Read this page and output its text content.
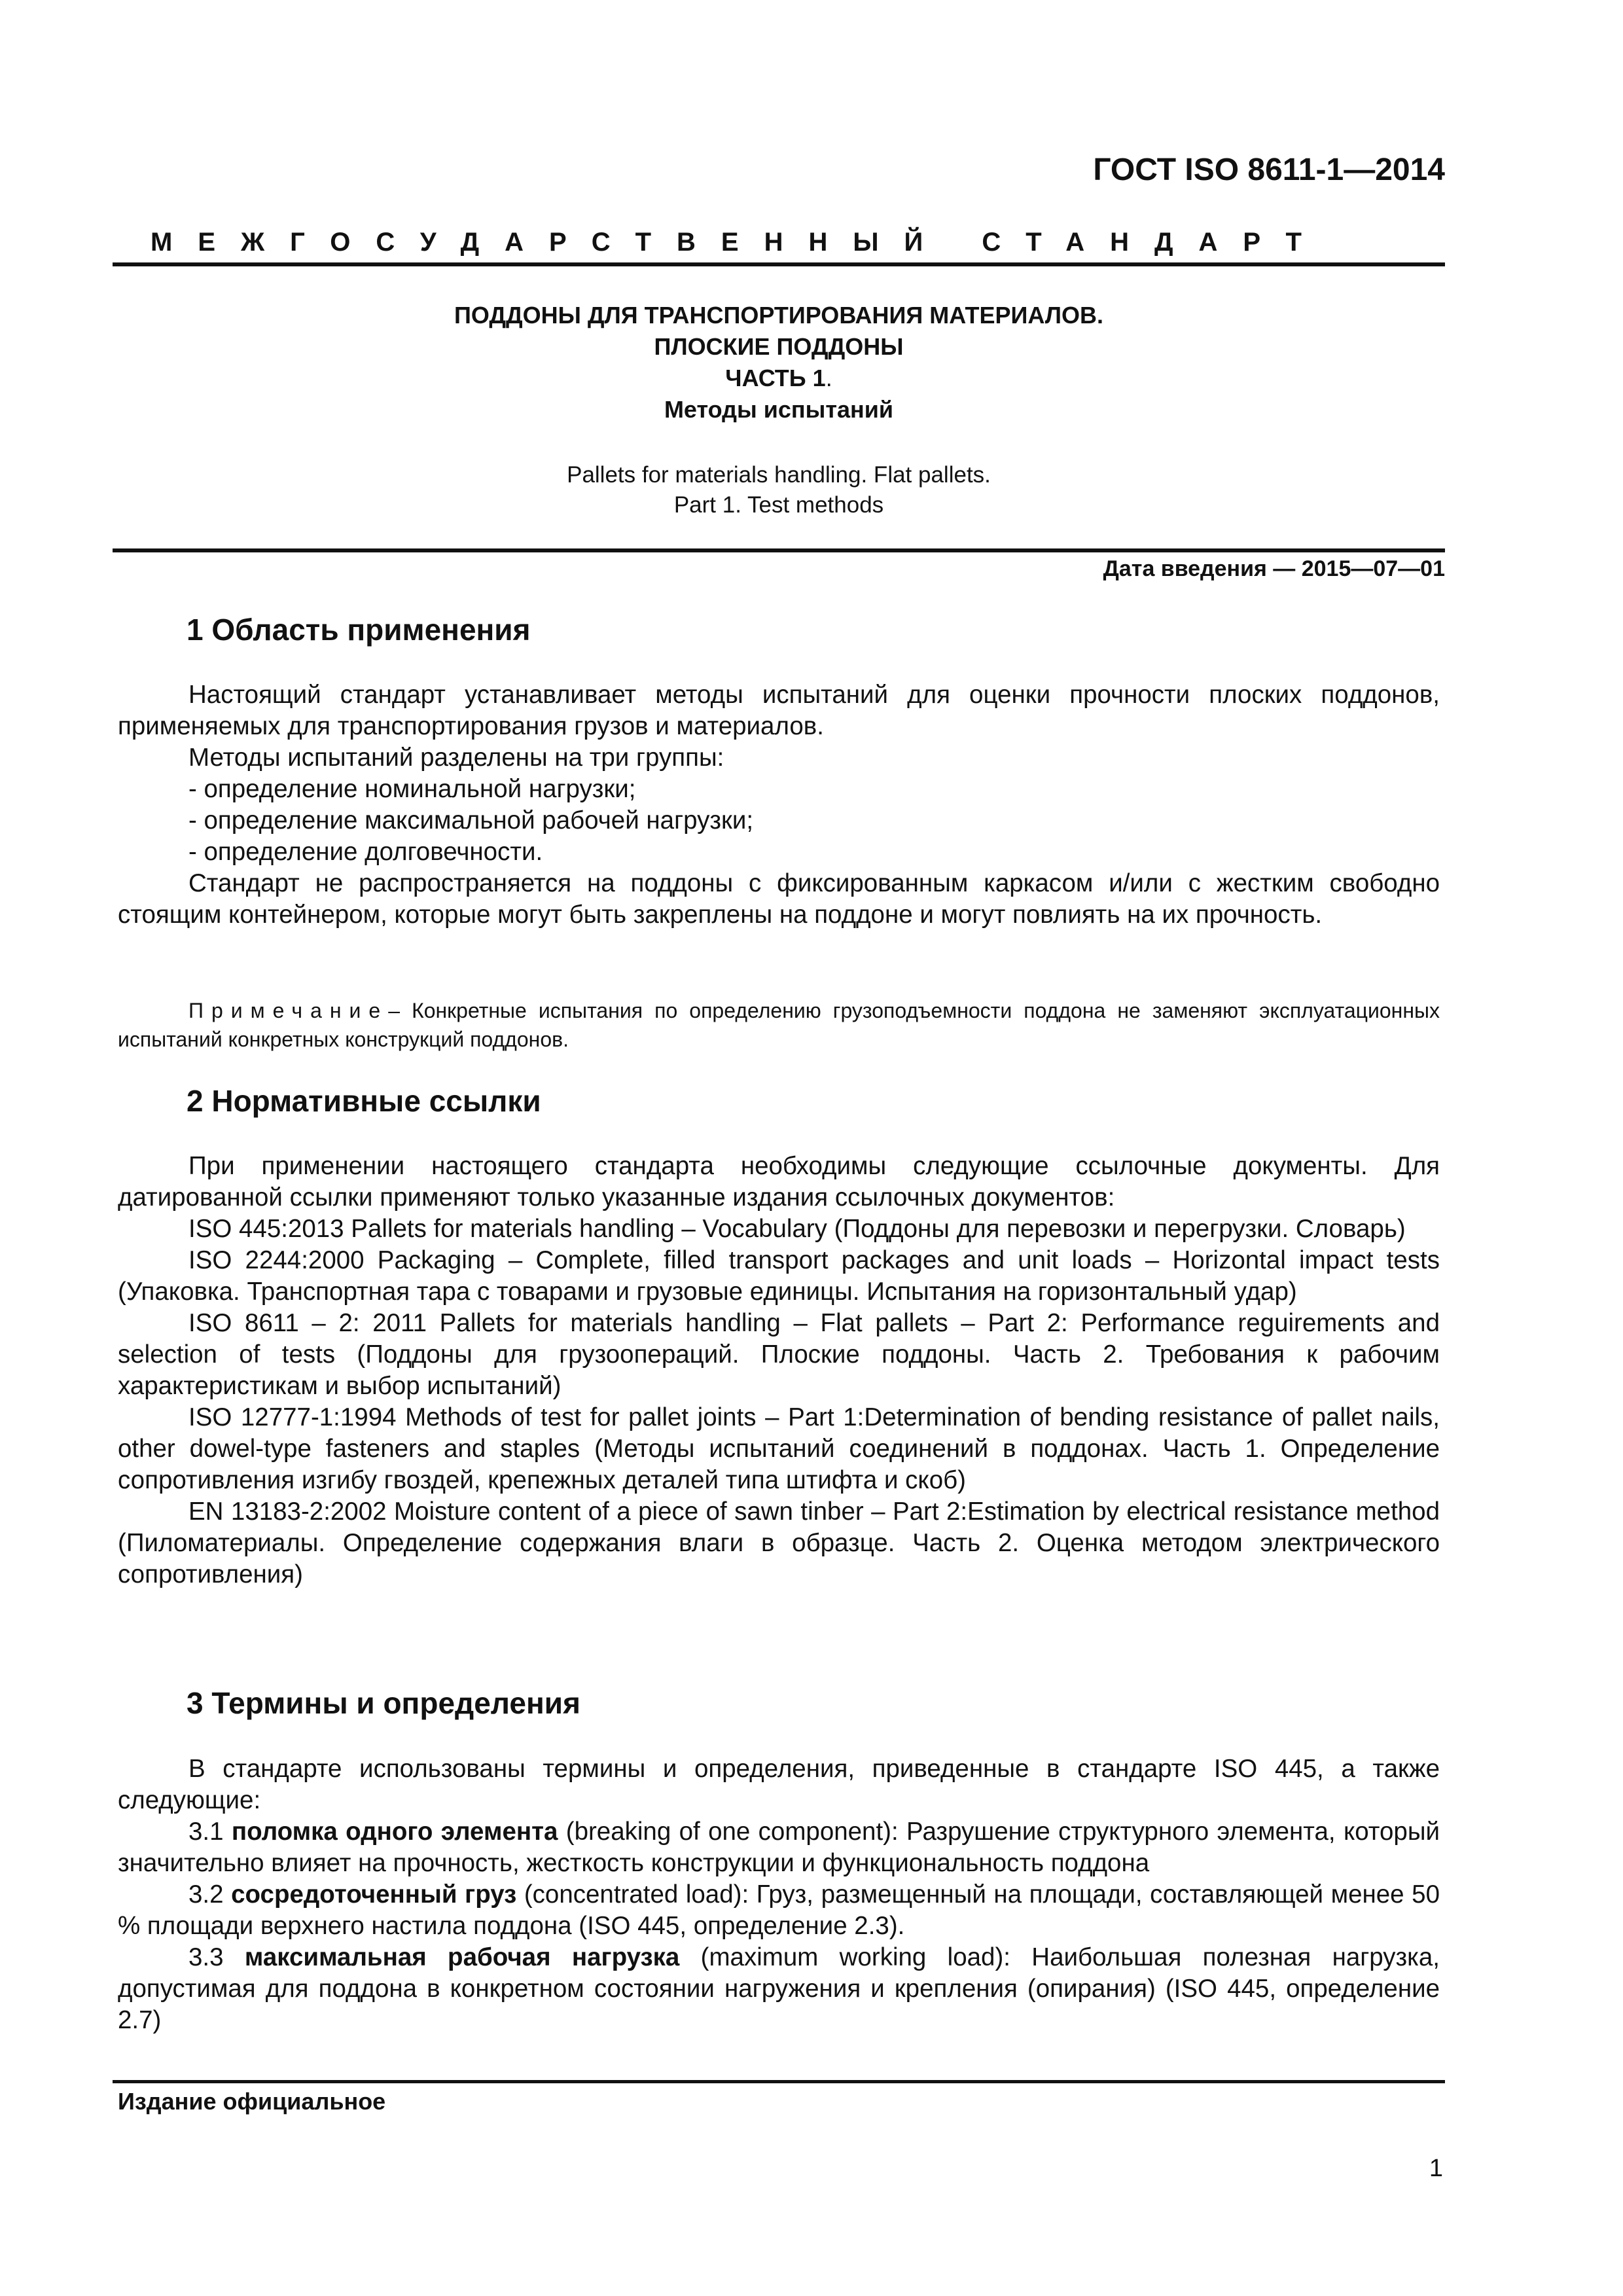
ГОСТ ISO 8611-1—2014
МЕЖГОСУДАРСТВЕННЫЙ СТАНДАРТ
ПОДДОНЫ ДЛЯ ТРАНСПОРТИРОВАНИЯ МАТЕРИАЛОВ.
ПЛОСКИЕ ПОДДОНЫ
ЧАСТЬ 1.
Методы испытаний
Pallets for materials handling. Flat pallets.
Part 1. Test methods
Дата введения — 2015—07—01
1 Область применения

Настоящий стандарт устанавливает методы испытаний для оценки прочности плоских поддонов, применяемых для транспортирования грузов и материалов.

Методы испытаний разделены на три группы:

- определение номинальной нагрузки;

- определение максимальной рабочей нагрузки;

- определение долговечности.

Стандарт не распространяется на поддоны с фиксированным каркасом и/или с жестким свободно стоящим контейнером, которые могут быть закреплены на поддоне и могут повлиять на их прочность.

Примечание– Конкретные испытания по определению грузоподъемности поддона не заменяют эксплуатационных испытаний конкретных конструкций поддонов.

2 Нормативные ссылки

При применении настоящего стандарта необходимы следующие ссылочные документы. Для датированной ссылки применяют только указанные издания ссылочных документов:

ISO 445:2013 Pallets for materials handling – Vocabulary (Поддоны для перевозки и перегрузки. Словарь)

ISO 2244:2000 Packaging – Complete, filled transport packages and unit loads – Horizontal impact tests (Упаковка. Транспортная тара с товарами и грузовые единицы. Испытания на горизонтальный удар)

ISO 8611 – 2: 2011 Pallets for materials handling – Flat pallets – Part 2: Performance reguirements and selection of tests (Поддоны для грузоопераций. Плоские поддоны. Часть 2. Требования к рабочим характеристикам и выбор испытаний)

ISO 12777-1:1994 Methods of test for pallet joints – Part 1:Determination of bending resistance of pallet nails, other dowel-type fasteners and staples (Методы испытаний соединений в поддонах. Часть 1. Определение сопротивления изгибу гвоздей, крепежных деталей типа штифта и скоб)

EN 13183-2:2002 Moisture content of a piece of sawn tinber – Part 2:Estimation by electrical resistance method (Пиломатериалы. Определение содержания влаги в образце. Часть 2. Оценка методом электрического сопротивления)

3 Термины и определения

В стандарте использованы термины и определения, приведенные в стандарте ISO 445, а также следующие:

3.1 поломка одного элемента (breaking of one component): Разрушение структурного элемента, который значительно влияет на прочность, жесткость конструкции и функциональность поддона

3.2 сосредоточенный груз (concentrated load): Груз, размещенный на площади, составляющей менее 50 % площади верхнего настила поддона (ISO 445, определение 2.3).

3.3 максимальная рабочая нагрузка (maximum working load): Наибольшая полезная нагрузка, допустимая для поддона в конкретном состоянии нагружения и крепления (опирания) (ISO 445, определение 2.7)

Издание официальное
1
